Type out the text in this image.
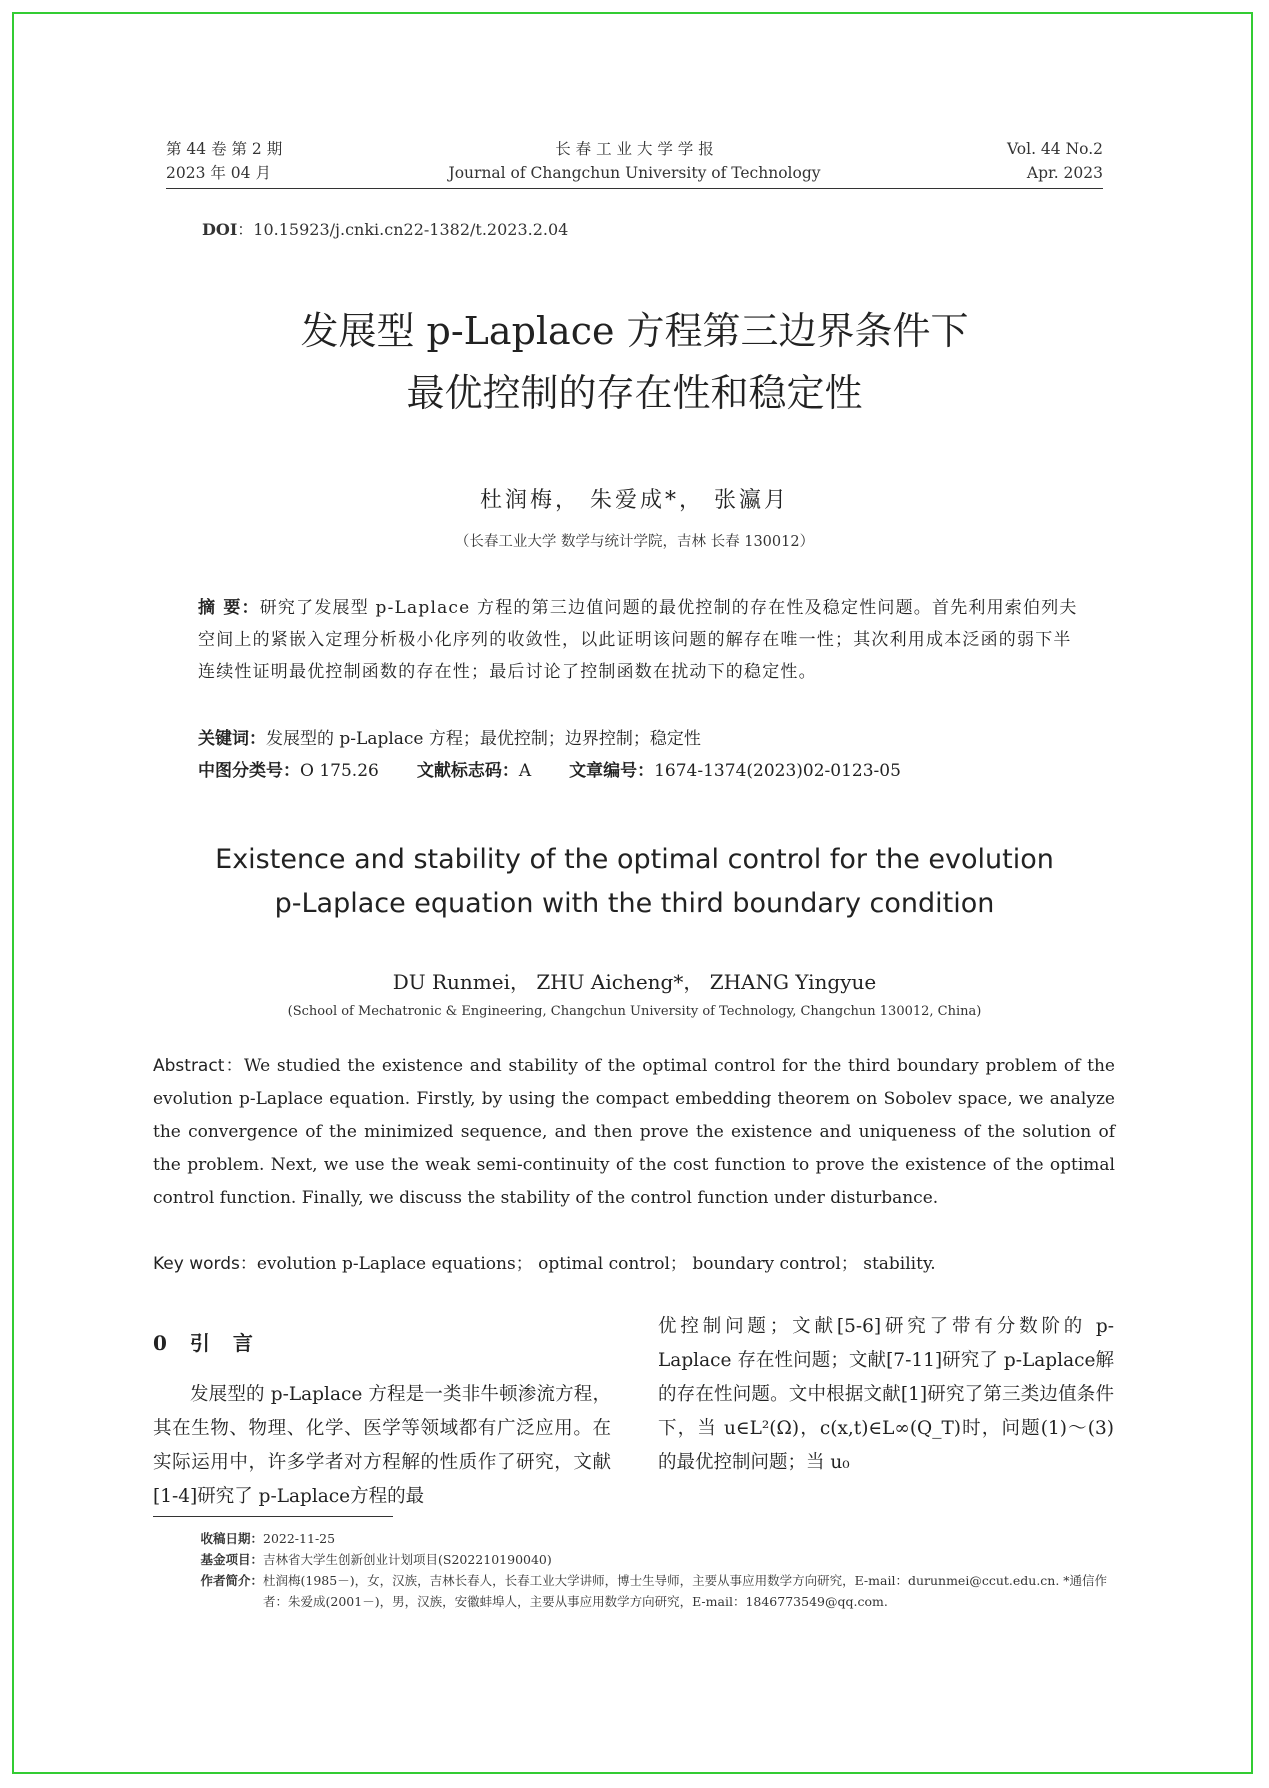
第 44 卷 第 2 期
2023 年 04 月
长 春 工 业 大 学 学 报
Journal of Changchun University of Technology
Vol. 44 No.2
Apr. 2023
DOI：10.15923/j.cnki.cn22-1382/t.2023.2.04
发展型 p-Laplace 方程第三边界条件下
最优控制的存在性和稳定性
杜润梅， 朱爱成*， 张瀛月
（长春工业大学 数学与统计学院，吉林 长春 130012）
摘 要：研究了发展型 p-Laplace 方程的第三边值问题的最优控制的存在性及稳定性问题。首先利用索伯列夫空间上的紧嵌入定理分析极小化序列的收敛性，以此证明该问题的解存在唯一性；其次利用成本泛函的弱下半连续性证明最优控制函数的存在性；最后讨论了控制函数在扰动下的稳定性。
关键词：发展型的 p-Laplace 方程；最优控制；边界控制；稳定性
中图分类号：O 175.26 文献标志码：A 文章编号：1674-1374(2023)02-0123-05
Existence and stability of the optimal control for the evolution
p-Laplace equation with the third boundary condition
DU Runmei， ZHU Aicheng*， ZHANG Yingyue
(School of Mechatronic & Engineering, Changchun University of Technology, Changchun 130012, China)
Abstract：We studied the existence and stability of the optimal control for the third boundary problem of the evolution p-Laplace equation. Firstly, by using the compact embedding theorem on Sobolev space, we analyze the convergence of the minimized sequence, and then prove the existence and uniqueness of the solution of the problem. Next, we use the weak semi-continuity of the cost function to prove the existence of the optimal control function. Finally, we discuss the stability of the control function under disturbance.
Key words：evolution p-Laplace equations； optimal control； boundary control； stability.
0 引 言
发展型的 p-Laplace 方程是一类非牛顿渗流方程，其在生物、物理、化学、医学等领域都有广泛应用。在实际运用中，许多学者对方程解的性质作了研究，文献[1-4]研究了 p-Laplace方程的最
优控制问题；文献[5-6]研究了带有分数阶的 p-Laplace 存在性问题；文献[7-11]研究了 p-Laplace解的存在性问题。文中根据文献[1]研究了第三类边值条件下，当 u∈L²(Ω)，c(x,t)∈L∞(Q_T)时，问题(1)～(3)的最优控制问题；当 u₀
收稿日期：2022-11-25
基金项目：吉林省大学生创新创业计划项目(S202210190040)
作者简介： 杜润梅(1985－)，女，汉族，吉林长春人，长春工业大学讲师，博士生导师，主要从事应用数学方向研究，E-mail：durunmei@ccut.edu.cn. *通信作者：朱爱成(2001－)，男，汉族，安徽蚌埠人，主要从事应用数学方向研究，E-mail：1846773549@qq.com.
